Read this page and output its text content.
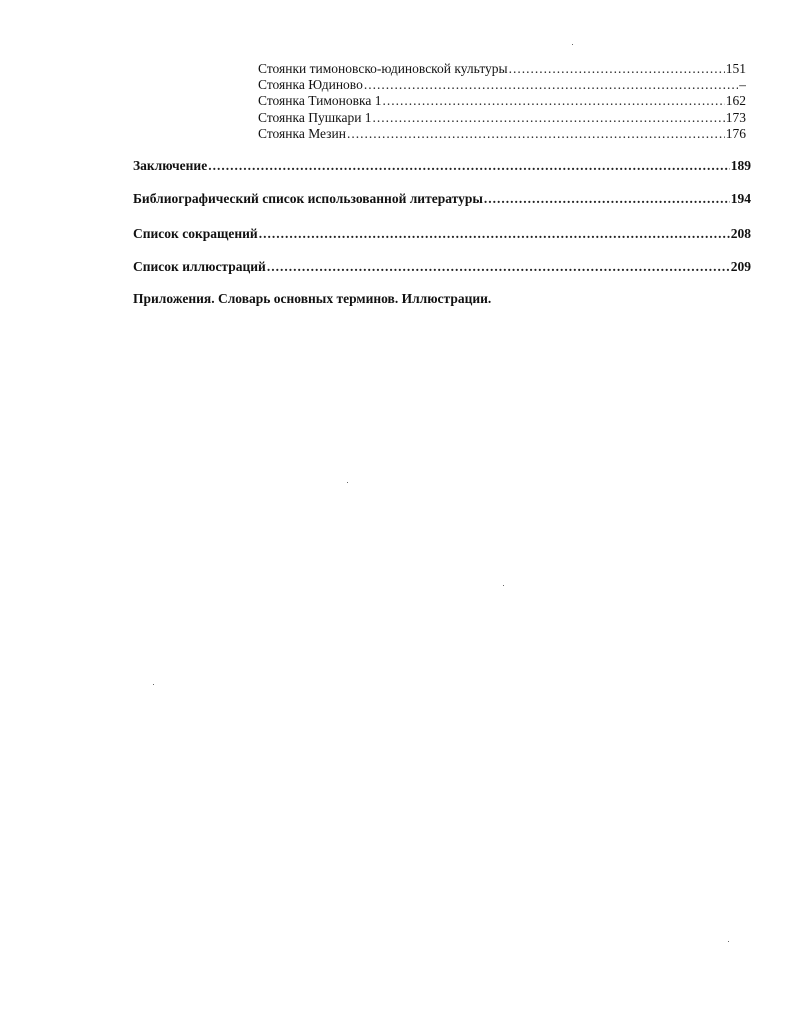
Стоянки тимоновско-юдиновской культуры .....	151
Стоянка Юдиново .....	–
Стоянка Тимоновка 1 .....	162
Стоянка Пушкари 1 .....	173
Стоянка Мезин .....	176
Заключение .....	189
Библиографический список использованной литературы .....	194
Список сокращений .....	208
Список иллюстраций .....	209
Приложения. Словарь основных терминов. Иллюстрации.
